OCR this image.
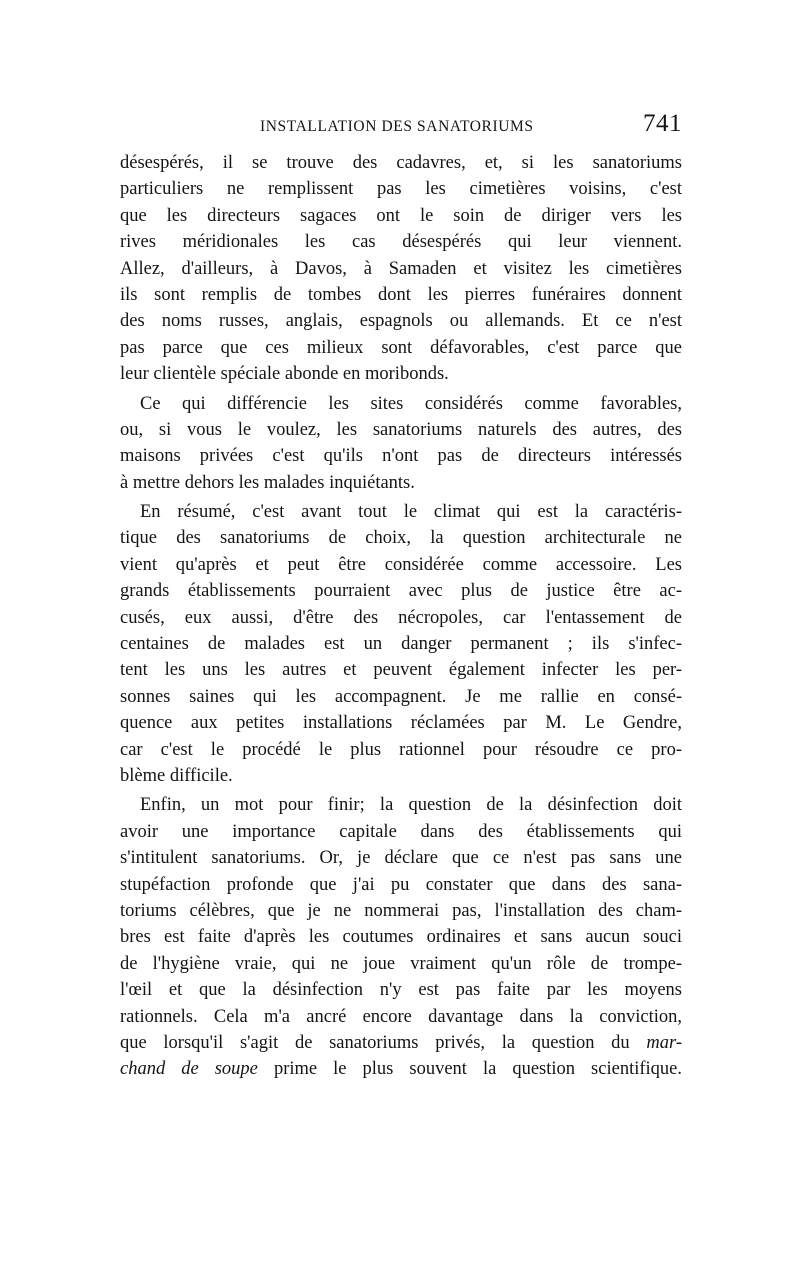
INSTALLATION DES SANATORIUMS	741
désespérés, il se trouve des cadavres, et, si les sanatoriums
particuliers ne remplissent pas les cimetières voisins, c'est
que les directeurs sagaces ont le soin de diriger vers les
rives méridionales les cas désespérés qui leur viennent.
Allez, d'ailleurs, à Davos, à Samaden et visitez les cimetières
ils sont remplis de tombes dont les pierres funéraires donnent
des noms russes, anglais, espagnols ou allemands. Et ce n'est
pas parce que ces milieux sont défavorables, c'est parce que
leur clientèle spéciale abonde en moribonds.
Ce qui différencie les sites considérés comme favorables,
ou, si vous le voulez, les sanatoriums naturels des autres, des
maisons privées c'est qu'ils n'ont pas de directeurs intéressés
à mettre dehors les malades inquiétants.
En résumé, c'est avant tout le climat qui est la caractéris-
tique des sanatoriums de choix, la question architecturale ne
vient qu'après et peut être considérée comme accessoire. Les
grands établissements pourraient avec plus de justice être ac-
cusés, eux aussi, d'être des nécropoles, car l'entassement de
centaines de malades est un danger permanent ; ils s'infec-
tent les uns les autres et peuvent également infecter les per-
sonnes saines qui les accompagnent. Je me rallie en consé-
quence aux petites installations réclamées par M. Le Gendre,
car c'est le procédé le plus rationnel pour résoudre ce pro-
blème difficile.
Enfin, un mot pour finir; la question de la désinfection doit
avoir une importance capitale dans des établissements qui
s'intitulent sanatoriums. Or, je déclare que ce n'est pas sans une
stupéfaction profonde que j'ai pu constater que dans des sana-
toriums célèbres, que je ne nommerai pas, l'installation des cham-
bres est faite d'après les coutumes ordinaires et sans aucun souci
de l'hygiène vraie, qui ne joue vraiment qu'un rôle de trompe-
l'œil et que la désinfection n'y est pas faite par les moyens
rationnels. Cela m'a ancré encore davantage dans la conviction,
que lorsqu'il s'agit de sanatoriums privés, la question du mar-
chand de soupe prime le plus souvent la question scientifique.
